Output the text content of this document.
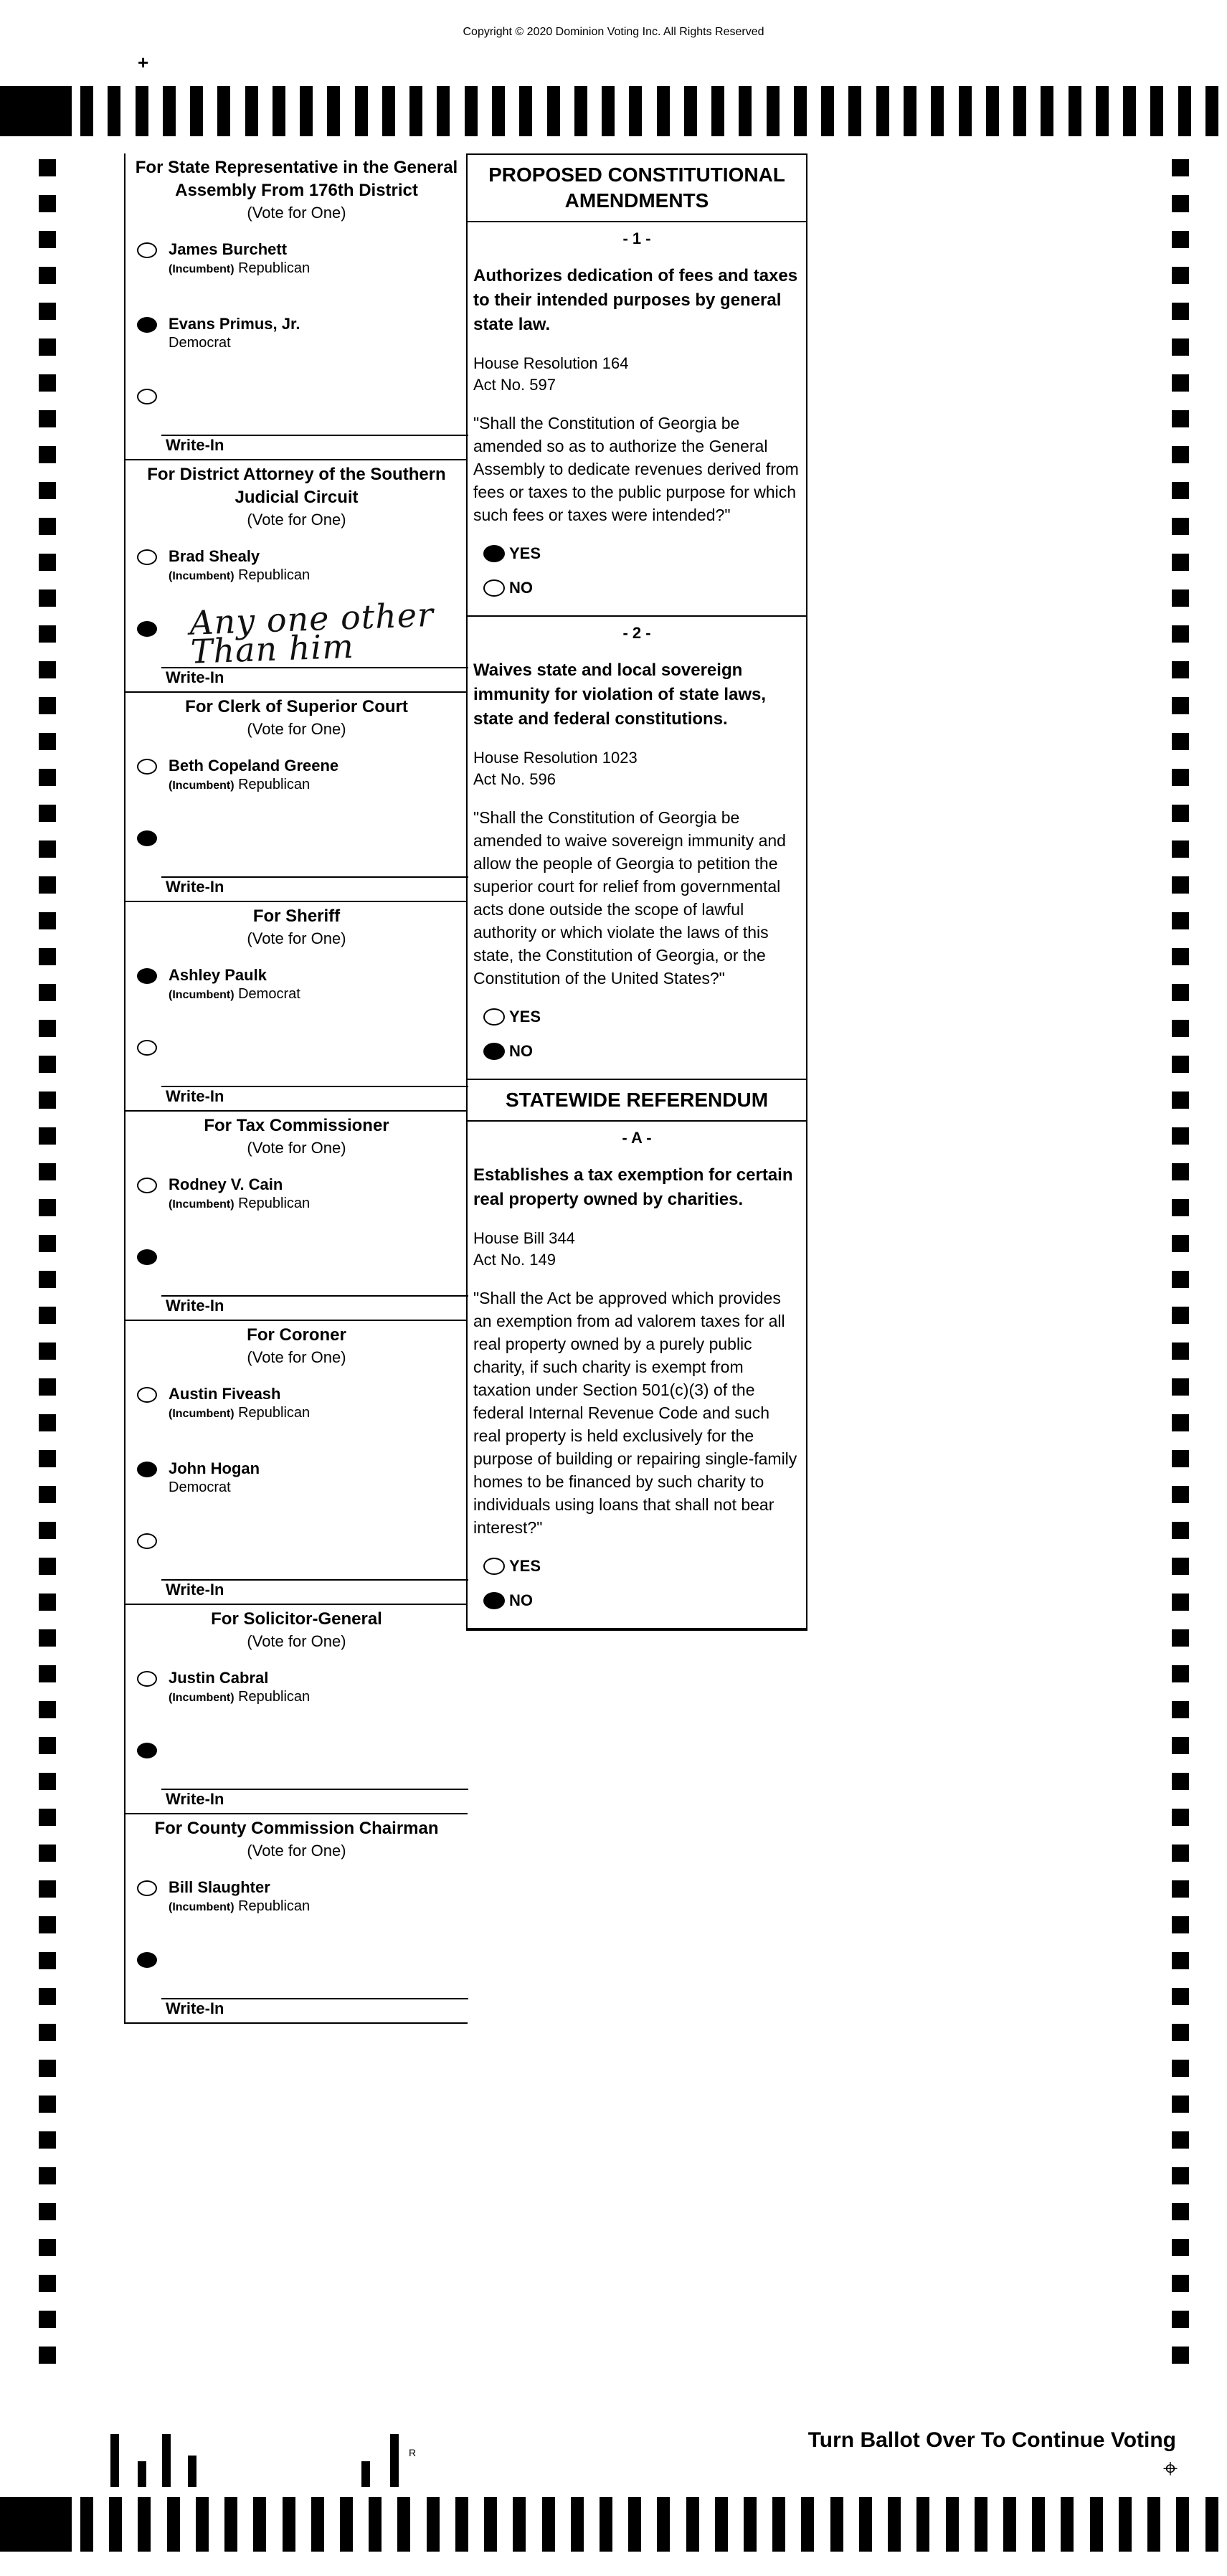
Copyright © 2020 Dominion Voting Inc. All Rights Reserved
+
For State Representative in the General Assembly From 176th District
(Vote for One)
James Burchett
(Incumbent) Republican
Evans Primus, Jr.
Democrat
Write-In
For District Attorney of the Southern Judicial Circuit
(Vote for One)
Brad Shealy
(Incumbent) Republican
Any one other Than him
Write-In
For Clerk of Superior Court
(Vote for One)
Beth Copeland Greene
(Incumbent) Republican
Write-In
For Sheriff
(Vote for One)
Ashley Paulk
(Incumbent) Democrat
Write-In
For Tax Commissioner
(Vote for One)
Rodney V. Cain
(Incumbent) Republican
Write-In
For Coroner
(Vote for One)
Austin Fiveash
(Incumbent) Republican
John Hogan
Democrat
Write-In
For Solicitor-General
(Vote for One)
Justin Cabral
(Incumbent) Republican
Write-In
For County Commission Chairman
(Vote for One)
Bill Slaughter
(Incumbent) Republican
Write-In
PROPOSED CONSTITUTIONAL AMENDMENTS
- 1 -
Authorizes dedication of fees and taxes to their intended purposes by general state law.
House Resolution 164
Act No. 597
"Shall the Constitution of Georgia be amended so as to authorize the General Assembly to dedicate revenues derived from fees or taxes to the public purpose for which such fees or taxes were intended?"
YES
NO
- 2 -
Waives state and local sovereign immunity for violation of state laws, state and federal constitutions.
House Resolution 1023
Act No. 596
"Shall the Constitution of Georgia be amended to waive sovereign immunity and allow the people of Georgia to petition the superior court for relief from governmental acts done outside the scope of lawful authority or which violate the laws of this state, the Constitution of Georgia, or the Constitution of the United States?"
YES
NO
STATEWIDE REFERENDUM
- A -
Establishes a tax exemption for certain real property owned by charities.
House Bill 344
Act No. 149
"Shall the Act be approved which provides an exemption from ad valorem taxes for all real property owned by a purely public charity, if such charity is exempt from taxation under Section 501(c)(3) of the federal Internal Revenue Code and such real property is held exclusively for the purpose of building or repairing single-family homes to be financed by such charity to individuals using loans that shall not bear interest?"
YES
NO
R
Turn Ballot Over To Continue Voting
⌖
